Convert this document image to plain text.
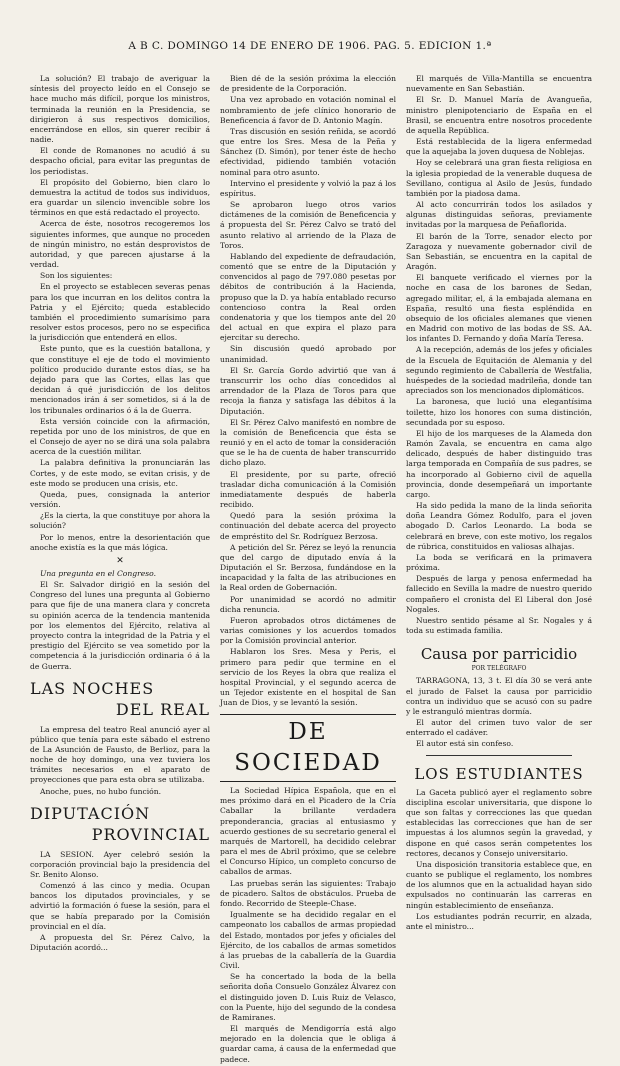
A B C. DOMINGO 14 DE ENERO DE 1906. PAG. 5. EDICION 1.ª

La solución? El trabajo de averiguar la síntesis del proyecto leído en el Consejo se hace mucho más difícil, porque los ministros, terminada la reunión en la Presidencia, se dirigieron á sus respectivos domicilios, encerrándose en ellos, sin querer recibir á nadie.

El conde de Romanones no acudió á su despacho oficial, para evitar las preguntas de los periodistas.

El propósito del Gobierno, bien claro lo demuestra la actitud de todos sus individuos, era guardar un silencio invencible sobre los términos en que está redactado el proyecto.

Acerca de éste, nosotros recogeremos los siguientes informes, que aunque no proceden de ningún ministro, no están desprovistos de autoridad, y que parecen ajustarse á la verdad.

Son los siguientes:

En el proyecto se establecen severas penas para los que incurran en los delitos contra la Patria y el Ejército; queda establecido también el procedimiento sumarísimo para resolver estos procesos, pero no se especifica la jurisdicción que entenderá en ellos.

Este punto, que es la cuestión batallona, y que constituye el eje de todo el movimiento político producido durante estos días, se ha dejado para que las Cortes, ellas las que decidan á qué jurisdicción de los delitos mencionados irán á ser sometidos, si á la de los tribunales ordinarios ó á la de Guerra.

Esta versión coincide con la afirmación, repetida por uno de los ministros, de que en el Consejo de ayer no se dirá una sola palabra acerca de la cuestión militar.

La palabra definitiva la pronunciarán las Cortes, y de este modo, se evitan crisis, y de este modo se producen una crisis, etc.

Queda, pues, consignada la anterior versión.

¿Es la cierta, la que constituye por ahora la solución?

Por lo menos, entre la desorientación que anoche existía es la que más lógica.

✕

Una pregunta en el Congreso.

El Sr. Salvador dirigió en la sesión del Congreso del lunes una pregunta al Gobierno para que fije de una manera clara y concreta su opinión acerca de la tendencia mantenida por los elementos del Ejército, relativa al proyecto contra la integridad de la Patria y el prestigio del Ejército se vea sometido por la competencia á la jurisdicción ordinaria ó á la de Guerra.

LAS NOCHES
DEL REAL

La empresa del teatro Real anunció ayer al público que tenía para este sábado el estreno de La Asunción de Fausto, de Berlioz, para la noche de hoy domingo, una vez tuviera los trámites necesarios en el aparato de proyecciones que para esta obra se utilizaba.

Anoche, pues, no hubo función.

DIPUTACIÓN
PROVINCIAL

LA SESION. Ayer celebró sesión la corporación provincial bajo la presidencia del Sr. Benito Alonso.

Comenzó á las cinco y media. Ocupan bancos los diputados provinciales, y se advirtió la formación ó fuese la sesión, para el que se había preparado por la Comisión provincial en el día.

A propuesta del Sr. Pérez Calvo, la Diputación acordó...

Bien dé de la sesión próxima la elección de presidente de la Corporación.

Una vez aprobado en votación nominal el nombramiento de jefe clínico honorario de Beneficencia á favor de D. Antonio Magín.

Tras discusión en sesión reñida, se acordó que entre los Sres. Mesa de la Peña y Sánchez (D. Simón), por tener éste de hecho efectividad, pidiendo también votación nominal para otro asunto.

Intervino el presidente y volvió la paz á los espíritus.

Se aprobaron luego otros varios dictámenes de la comisión de Beneficencia y á propuesta del Sr. Pérez Calvo se trató del asunto relativo al arriendo de la Plaza de Toros.

Hablando del expediente de defraudación, comentó que se entre de la Diputación y convencidos al pago de 797.080 pesetas por débitos de contribución á la Hacienda, propuso que la D. ya había entablado recurso contencioso contra la Real orden condenatoria y que los tiempos ante del 20 del actual en que expira el plazo para ejercitar su derecho.

Sin discusión quedó aprobado por unanimidad.

El Sr. García Gordo advirtió que van á transcurrir los ocho días concedidos al arrendador de la Plaza de Toros para que recoja la fianza y satisfaga las débitos á la Diputación.

El Sr. Pérez Calvo manifestó en nombre de la comisión de Beneficencia que ésta se reunió y en el acto de tomar la consideración que se le ha de cuenta de haber transcurrido dicho plazo.

El presidente, por su parte, ofreció trasladar dicha comunicación á la Comisión inmediatamente después de haberla recibido.

Quedó para la sesión próxima la continuación del debate acerca del proyecto de empréstito del Sr. Rodríguez Berzosa.

A petición del Sr. Pérez se leyó la renuncia que del cargo de diputado envía á la Diputación el Sr. Berzosa, fundándose en la incapacidad y la falta de las atribuciones en la Real orden de Gobernación.

Por unanimidad se acordó no admitir dicha renuncia.

Fueron aprobados otros dictámenes de varias comisiones y los acuerdos tomados por la Comisión provincial anterior.

Hablaron los Sres. Mesa y Peris, el primero para pedir que termine en el servicio de los Reyes la obra que realiza el hospital Provincial, y el segundo acerca de un Tejedor existente en el hospital de San Juan de Dios, y se levantó la sesión.

DE SOCIEDAD

La Sociedad Hípica Española, que en el mes próximo dará en el Picadero de la Cría Caballar la brillante verdadera preponderancia, gracias al entusiasmo y acuerdo gestiones de su secretario general el marqués de Martorell, ha decidido celebrar para el mes de Abril próximo, que se celebre el Concurso Hípico, un completo concurso de caballos de armas.

Las pruebas serán las siguientes: Trabajo de picadero. Saltos de obstáculos. Prueba de fondo. Recorrido de Steeple-Chase.

Igualmente se ha decidido regalar en el campeonato los caballos de armas propiedad del Estado, montados por jefes y oficiales del Ejército, de los caballos de armas sometidos á las pruebas de la caballería de la Guardia Civil.

Se ha concertado la boda de la bella señorita doña Consuelo González Álvarez con el distinguido joven D. Luis Ruiz de Velasco, con la Puente, hijo del segundo de la condesa de Ramiranes.

El marqués de Mendigorría está algo mejorado en la dolencia que le obliga á guardar cama, á causa de la enfermedad que padece.

El marqués de Villa-Mantilla se encuentra nuevamente en San Sebastián.

El Sr. D. Manuel María de Avangueña, ministro plenipotenciario de España en el Brasil, se encuentra entre nosotros procedente de aquella República.

Está restablecida de la ligera enfermedad que la aquejaba la joven duquesa de Noblejas.

Hoy se celebrará una gran fiesta religiosa en la iglesia propiedad de la venerable duquesa de Sevillano, contigua al Asilo de Jesús, fundado también por la piadosa dama.

Al acto concurrirán todos los asilados y algunas distinguidas señoras, previamente invitadas por la marquesa de Peñaflorida.

El barón de la Torre, senador electo por Zaragoza y nuevamente gobernador civil de San Sebastián, se encuentra en la capital de Aragón.

El banquete verificado el viernes por la noche en casa de los barones de Sedan, agregado militar, el, á la embajada alemana en España, resultó una fiesta espléndida en obsequio de los oficiales alemanes que vienen en Madrid con motivo de las bodas de SS. AA. los infantes D. Fernando y doña María Teresa.

A la recepción, además de los jefes y oficiales de la Escuela de Equitación de Alemania y del segundo regimiento de Caballería de Westfalia, huéspedes de la sociedad madrileña, donde tan apreciados son los mencionados diplomáticos.

La baronesa, que lució una elegantísima toilette, hizo los honores con suma distinción, secundada por su esposo.

El hijo de los marqueses de la Alameda don Ramón Zavala, se encuentra en cama algo delicado, después de haber distinguido tras larga temporada en Compañía de sus padres, se ha incorporado al Gobierno civil de aquella provincia, donde desempeñará un importante cargo.

Ha sido pedida la mano de la linda señorita doña Leandra Gómez Rodulfo, para el joven abogado D. Carlos Leonardo. La boda se celebrará en breve, con este motivo, los regalos de rúbrica, constituidos en valiosas alhajas.

La boda se verificará en la primavera próxima.

Después de larga y penosa enfermedad ha fallecido en Sevilla la madre de nuestro querido compañero el cronista del El Liberal don José Nogales.

Nuestro sentido pésame al Sr. Nogales y á toda su estimada familia.

Causa por parricidio
POR TELÉGRAFO

TARRAGONA, 13, 3 t. El día 30 se verá ante el jurado de Falset la causa por parricidio contra un individuo que se acusó con su padre y le estranguló mientras dormía.

El autor del crimen tuvo valor de ser enterrado el cadáver.

El autor está sin confeso.

LOS ESTUDIANTES

La Gaceta publicó ayer el reglamento sobre disciplina escolar universitaria, que dispone lo que son faltas y correcciones las que quedan establecidas las correcciones que han de ser impuestas á los alumnos según la gravedad, y dispone en qué casos serán competentes los rectores, decanos y Consejo universitario.

Una disposición transitoria establece que, en cuanto se publique el reglamento, los nombres de los alumnos que en la actualidad hayan sido expulsados no continuarán las carreras en ningún establecimiento de enseñanza.

Los estudiantes podrán recurrir, en alzada, ante el ministro...
